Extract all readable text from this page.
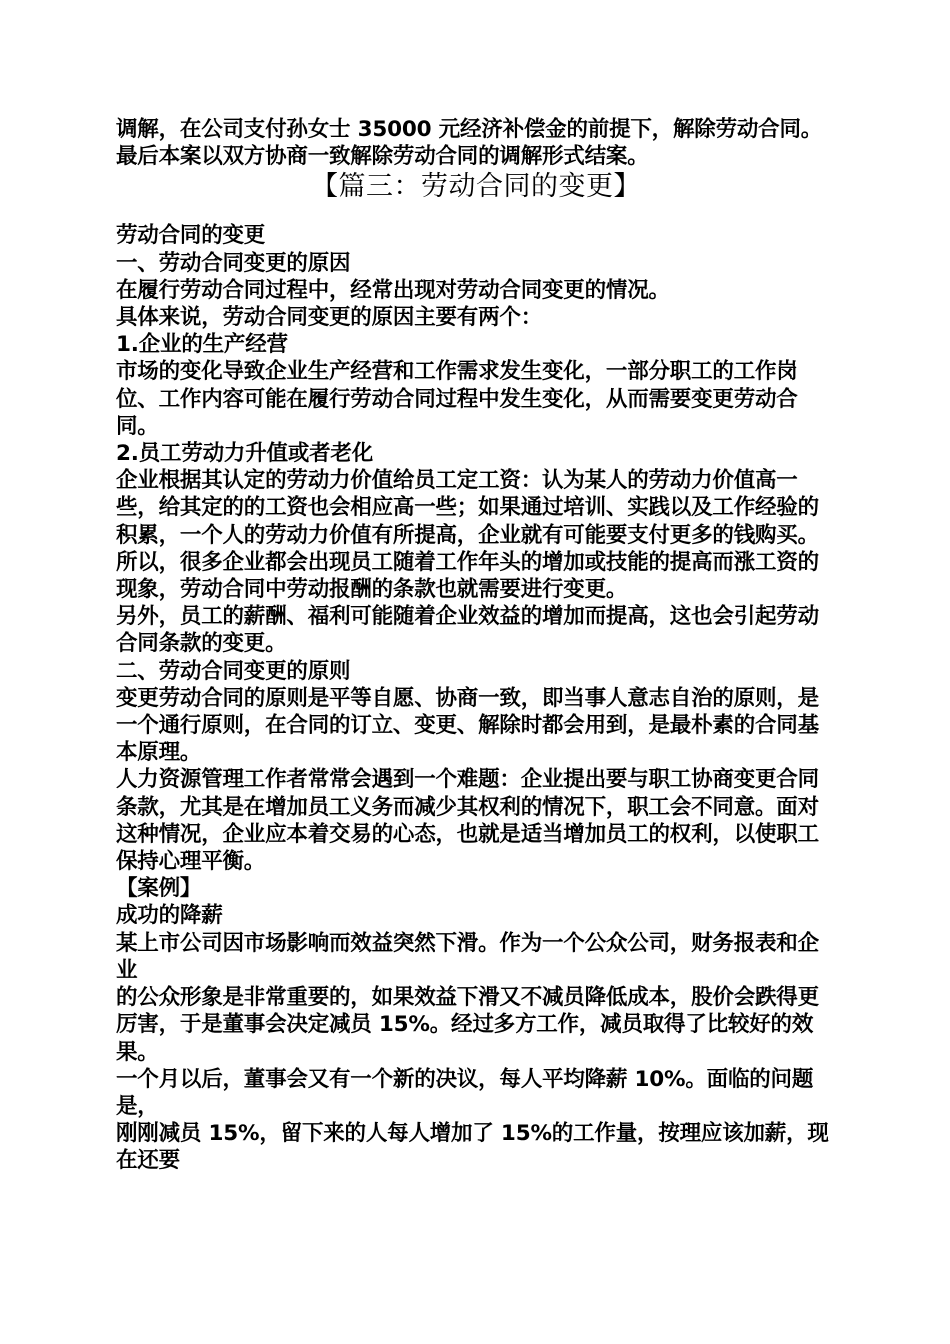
调解，在公司支付孙女士 35000 元经济补偿金的前提下，解除劳动合同。最后本案以双方协商一致解除劳动合同的调解形式结案。

【篇三：劳动合同的变更】

劳动合同的变更

一、劳动合同变更的原因

在履行劳动合同过程中，经常出现对劳动合同变更的情况。

具体来说，劳动合同变更的原因主要有两个：

1.企业的生产经营

市场的变化导致企业生产经营和工作需求发生变化，一部分职工的工作岗位、工作内容可能在履行劳动合同过程中发生变化，从而需要变更劳动合同。

2.员工劳动力升值或者老化

企业根据其认定的劳动力价值给员工定工资：认为某人的劳动力价值高一些，给其定的的工资也会相应高一些；如果通过培训、实践以及工作经验的积累，一个人的劳动力价值有所提高，企业就有可能要支付更多的钱购买。所以，很多企业都会出现员工随着工作年头的增加或技能的提高而涨工资的现象，劳动合同中劳动报酬的条款也就需要进行变更。

另外，员工的薪酬、福利可能随着企业效益的增加而提高，这也会引起劳动合同条款的变更。

二、劳动合同变更的原则

变更劳动合同的原则是平等自愿、协商一致，即当事人意志自治的原则，是一个通行原则，在合同的订立、变更、解除时都会用到，是最朴素的合同基本原理。

人力资源管理工作者常常会遇到一个难题：企业提出要与职工协商变更合同条款，尤其是在增加员工义务而减少其权利的情况下，职工会不同意。面对这种情况，企业应本着交易的心态，也就是适当增加员工的权利，以使职工保持心理平衡。

【案例】

成功的降薪

某上市公司因市场影响而效益突然下滑。作为一个公众公司，财务报表和企业

的公众形象是非常重要的，如果效益下滑又不减员降低成本，股价会跌得更厉害，于是董事会决定减员 15%。经过多方工作，减员取得了比较好的效果。

一个月以后，董事会又有一个新的决议，每人平均降薪 10%。面临的问题是，

刚刚减员 15%，留下来的人每人增加了 15%的工作量，按理应该加薪，现在还要
